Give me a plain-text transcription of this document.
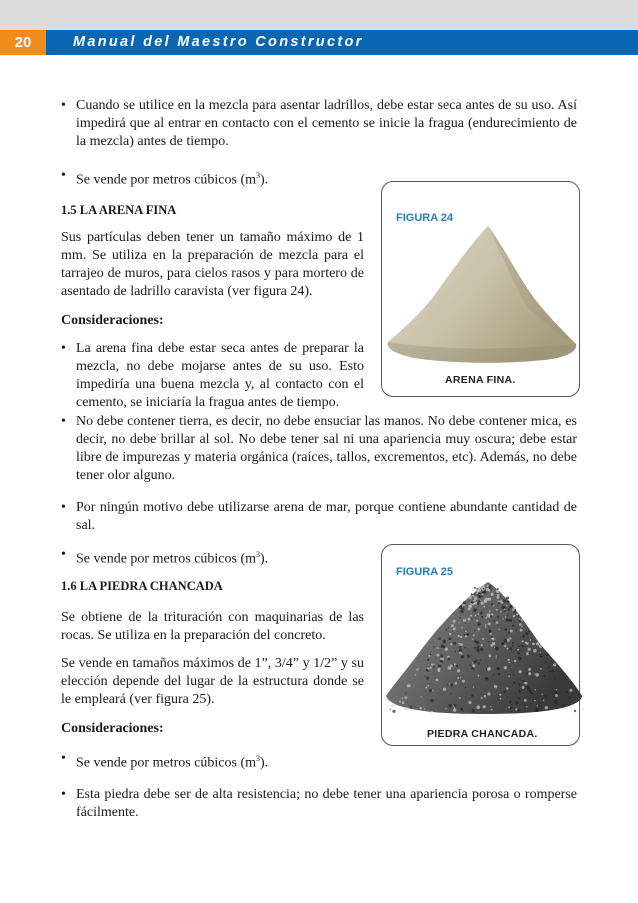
20	Manual del Maestro Constructor
• Cuando se utilice en la mezcla para asentar ladrillos, debe estar seca antes de su uso. Así impedirá que al entrar en contacto con el cemento se inicie la fragua (endurecimiento de la mezcla) antes de tiempo.
• Se vende por metros cúbicos $(m^3)$.
1.5 LA ARENA FINA
Sus partículas deben tener un tamaño máximo de 1 mm. Se utiliza en la preparación de mezcla para el tarrajeo de muros, para cielos rasos y para mortero de asentado de ladrillo caravista (ver figura 24).
Consideraciones:
• La arena fina debe estar seca antes de preparar la mezcla, no debe mojarse antes de su uso. Esto impediría una buena mezcla y, al contacto con el cemento, se iniciaría la fragua antes de tiempo.
• No debe contener tierra, es decir, no debe ensuciar las manos. No debe contener mica, es decir, no debe brillar al sol. No debe tener sal ni una apariencia muy oscura; debe estar libre de impurezas y materia orgánica (raíces, tallos, excrementos, etc). Además, no debe tener olor alguno.
• Por ningún motivo debe utilizarse arena de mar, porque contiene abundante cantidad de sal.
• Se vende por metros cúbicos $(m^3)$.
FIGURA 24
ARENA FINA.
1.6 LA PIEDRA CHANCADA
Se obtiene de la trituración con maquinarias de las rocas. Se utiliza en la preparación del concreto.
Se vende en tamaños máximos de 1”, 3/4” y 1/2” y su elección depende del lugar de la estructura donde se le empleará (ver figura 25).
Consideraciones:
• Se vende por metros cúbicos $(m^3)$.
• Esta piedra debe ser de alta resistencia; no debe tener una apariencia porosa o romperse fácilmente.
FIGURA 25
PIEDRA CHANCADA.
